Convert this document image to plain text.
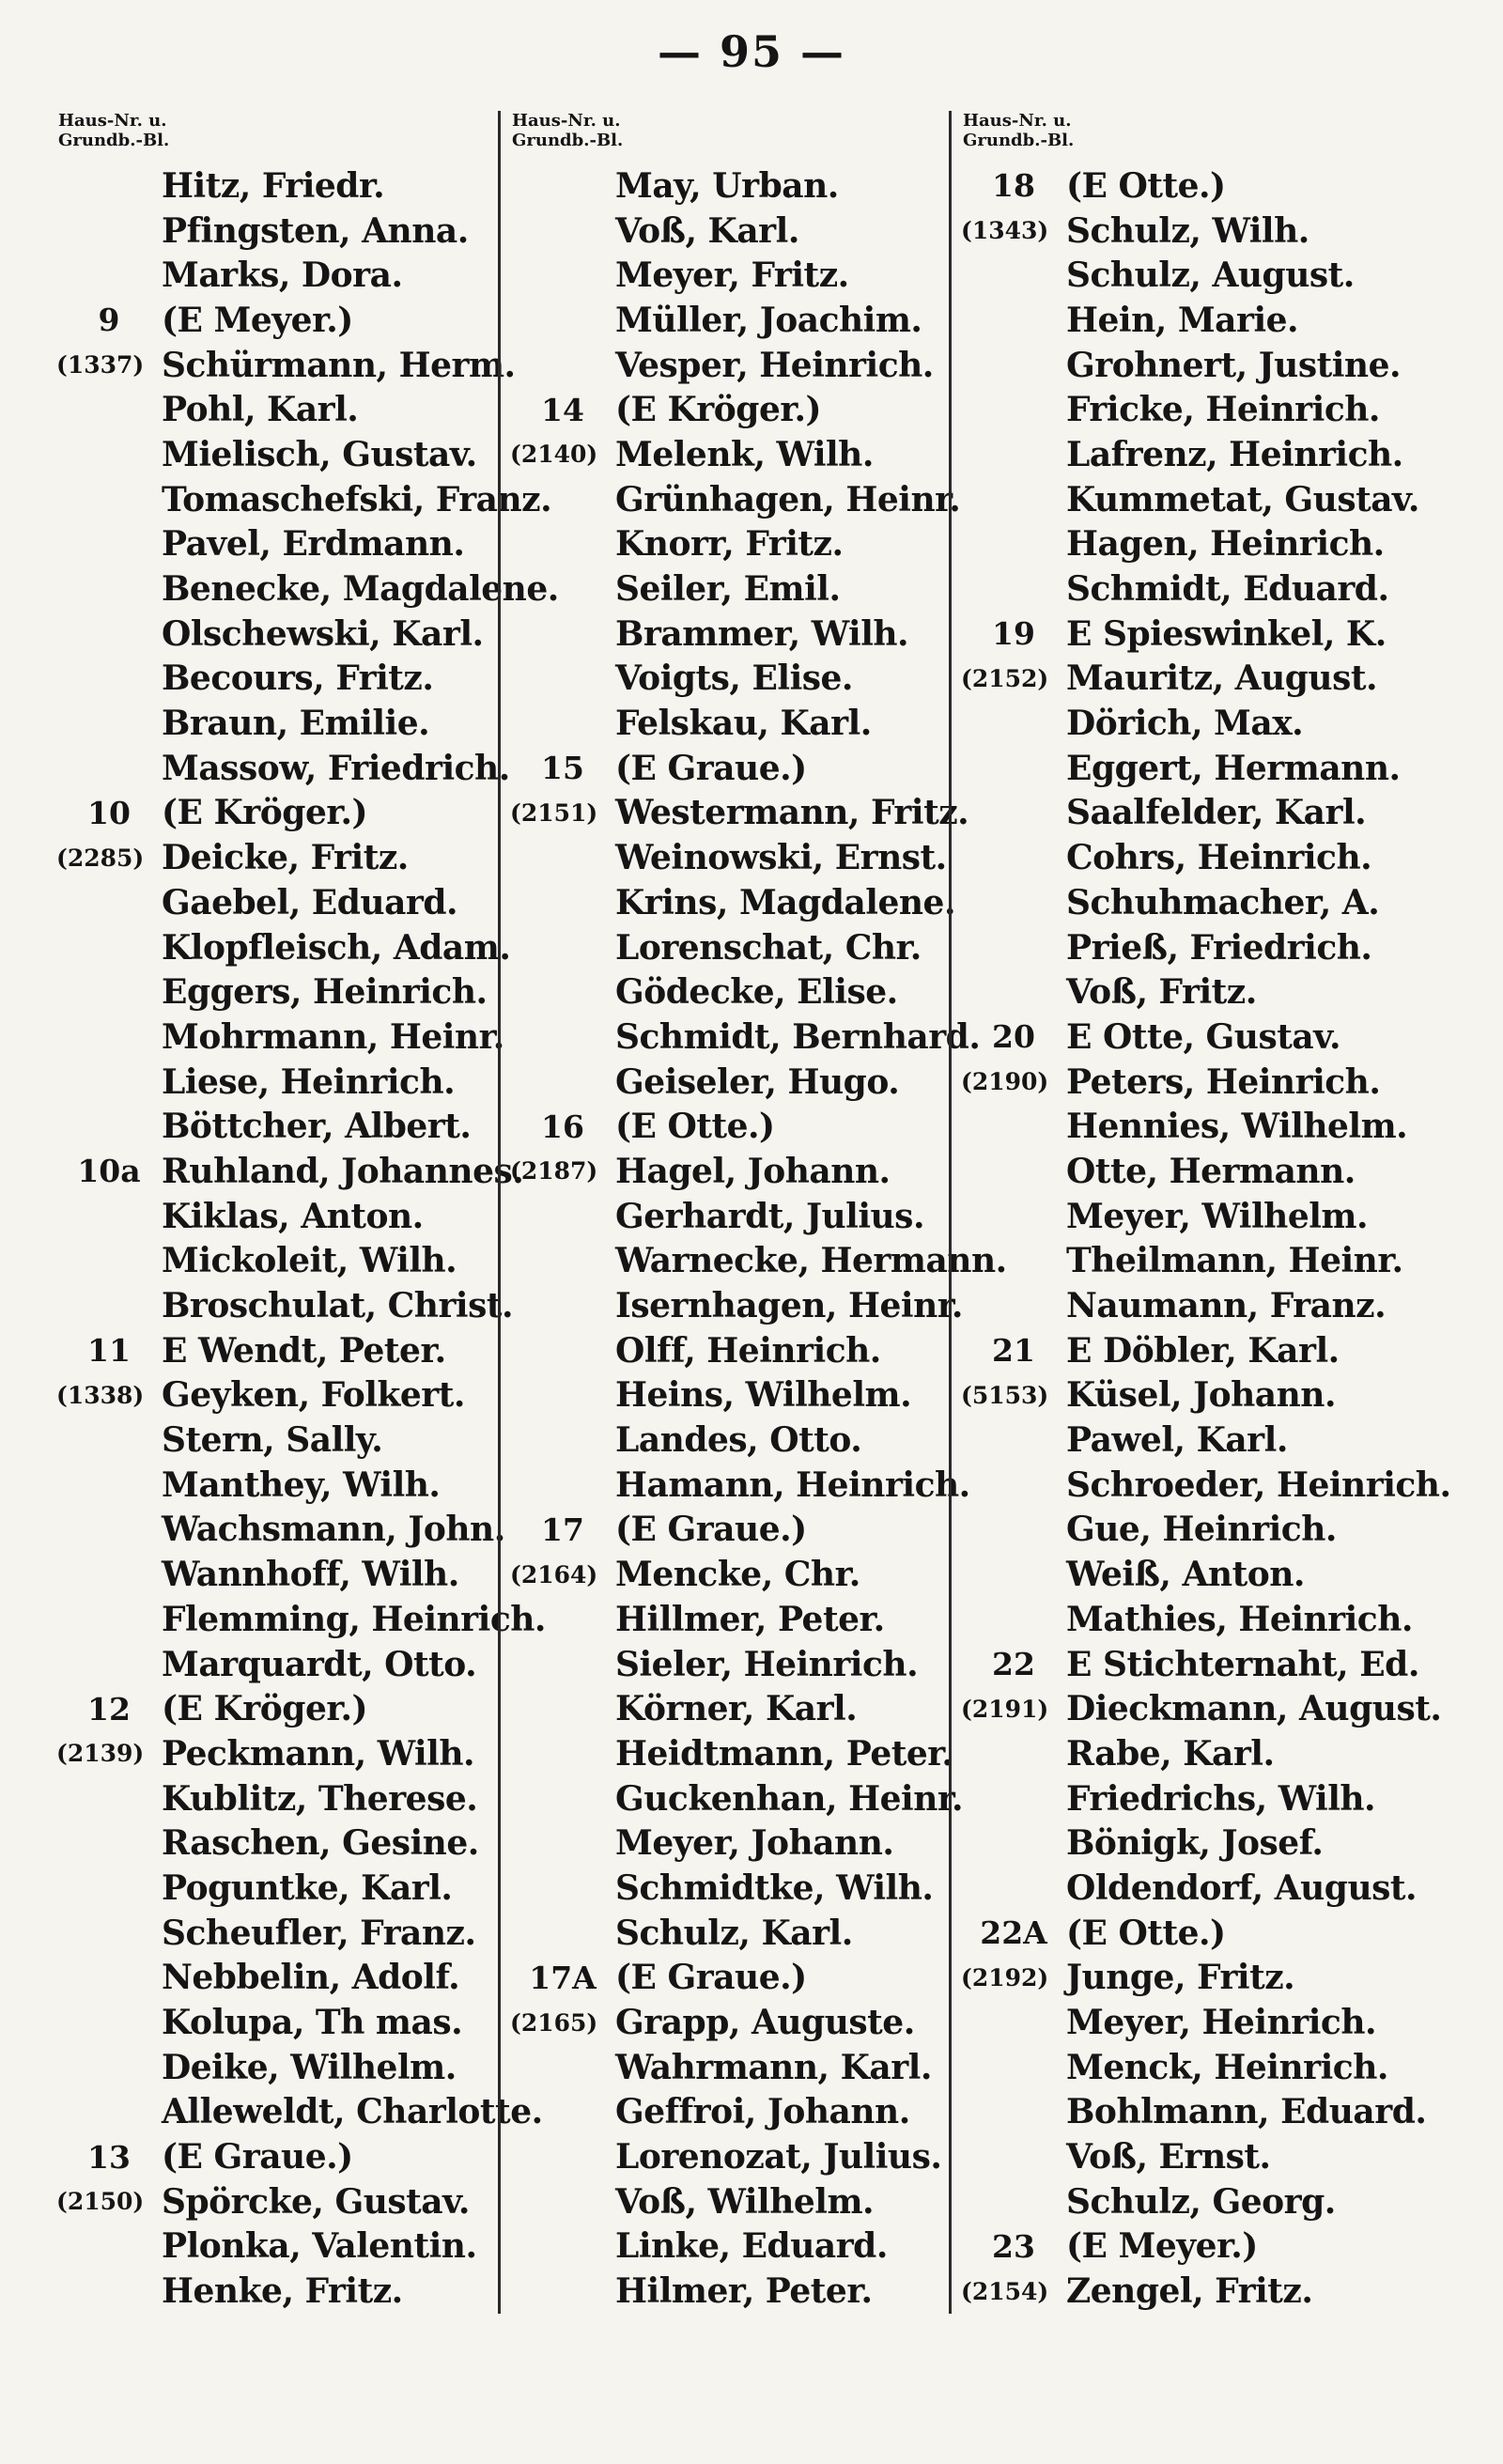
— 95 —
Haus-Nr. u.
Grundb.-Bl.
Hitz, Friedr.
Pfingsten, Anna.
Marks, Dora.
9	(E Meyer.)
(1337) Schürmann, Herm.
Pohl, Karl.
Mielisch, Gustav.
Tomaschefski, Franz.
Pavel, Erdmann.
Benecke, Magdalene.
Olschewski, Karl.
Becours, Fritz.
Braun, Emilie.
Massow, Friedrich.
10 (E Kröger.)
(2285) Deicke, Fritz.
Gaebel, Eduard.
Klopfleisch, Adam.
Eggers, Heinrich.
Mohrmann, Heinr.
Liese, Heinrich.
Böttcher, Albert.
10a Ruhland, Johannes.
Kiklas, Anton.
Mickoleit, Wilh.
Broschulat, Christ.
11 E Wendt, Peter.
(1338) Geyken, Folkert.
Stern, Sally.
Manthey, Wilh.
Wachsmann, John.
Wannhoff, Wilh.
Flemming, Heinrich.
Marquardt, Otto.
12 (E Kröger.)
(2139) Peckmann, Wilh.
Kublitz, Therese.
Raschen, Gesine.
Poguntke, Karl.
Scheufler, Franz.
Nebbelin, Adolf.
Kolupa, Th mas.
Deike, Wilhelm.
Alleweldt, Charlotte.
13 (E Graue.)
(2150) Spörcke, Gustav.
Plonka, Valentin.
Henke, Fritz.
Haus-Nr. u.
Grundb.-Bl.
May, Urban.
Voß, Karl.
Meyer, Fritz.
Müller, Joachim.
Vesper, Heinrich.
14 (E Kröger.)
(2140) Melenk, Wilh.
Grünhagen, Heinr.
Knorr, Fritz.
Seiler, Emil.
Brammer, Wilh.
Voigts, Elise.
Felskau, Karl.
15 (E Graue.)
(2151) Westermann, Fritz.
Weinowski, Ernst.
Krins, Magdalene.
Lorenschat, Chr.
Gödecke, Elise.
Schmidt, Bernhard.
Geiseler, Hugo.
16 (E Otte.)
(2187) Hagel, Johann.
Gerhardt, Julius.
Warnecke, Hermann.
Isernhagen, Heinr.
Olff, Heinrich.
Heins, Wilhelm.
Landes, Otto.
Hamann, Heinrich.
17 (E Graue.)
(2164) Mencke, Chr.
Hillmer, Peter.
Sieler, Heinrich.
Körner, Karl.
Heidtmann, Peter.
Guckenhan, Heinr.
Meyer, Johann.
Schmidtke, Wilh.
Schulz, Karl.
17A (E Graue.)
(2165) Grapp, Auguste.
Wahrmann, Karl.
Geffroi, Johann.
Lorenozat, Julius.
Voß, Wilhelm.
Linke, Eduard.
Hilmer, Peter.
Haus-Nr. u.
Grundb.-Bl.
18 (E Otte.)
(1343) Schulz, Wilh.
Schulz, August.
Hein, Marie.
Grohnert, Justine.
Fricke, Heinrich.
Lafrenz, Heinrich.
Kummetat, Gustav.
Hagen, Heinrich.
Schmidt, Eduard.
19 E Spieswinkel, K.
(2152) Mauritz, August.
Dörich, Max.
Eggert, Hermann.
Saalfelder, Karl.
Cohrs, Heinrich.
Schuhmacher, A.
Prieß, Friedrich.
Voß, Fritz.
20 E Otte, Gustav.
(2190) Peters, Heinrich.
Hennies, Wilhelm.
Otte, Hermann.
Meyer, Wilhelm.
Theilmann, Heinr.
Naumann, Franz.
21 E Döbler, Karl.
(5153) Küsel, Johann.
Pawel, Karl.
Schroeder, Heinrich.
Gue, Heinrich.
Weiß, Anton.
Mathies, Heinrich.
22 E Stichternaht, Ed.
(2191) Dieckmann, August.
Rabe, Karl.
Friedrichs, Wilh.
Bönigk, Josef.
Oldendorf, August.
22A (E Otte.)
(2192) Junge, Fritz.
Meyer, Heinrich.
Menck, Heinrich.
Bohlmann, Eduard.
Voß, Ernst.
Schulz, Georg.
23 (E Meyer.)
(2154) Zengel, Fritz.
